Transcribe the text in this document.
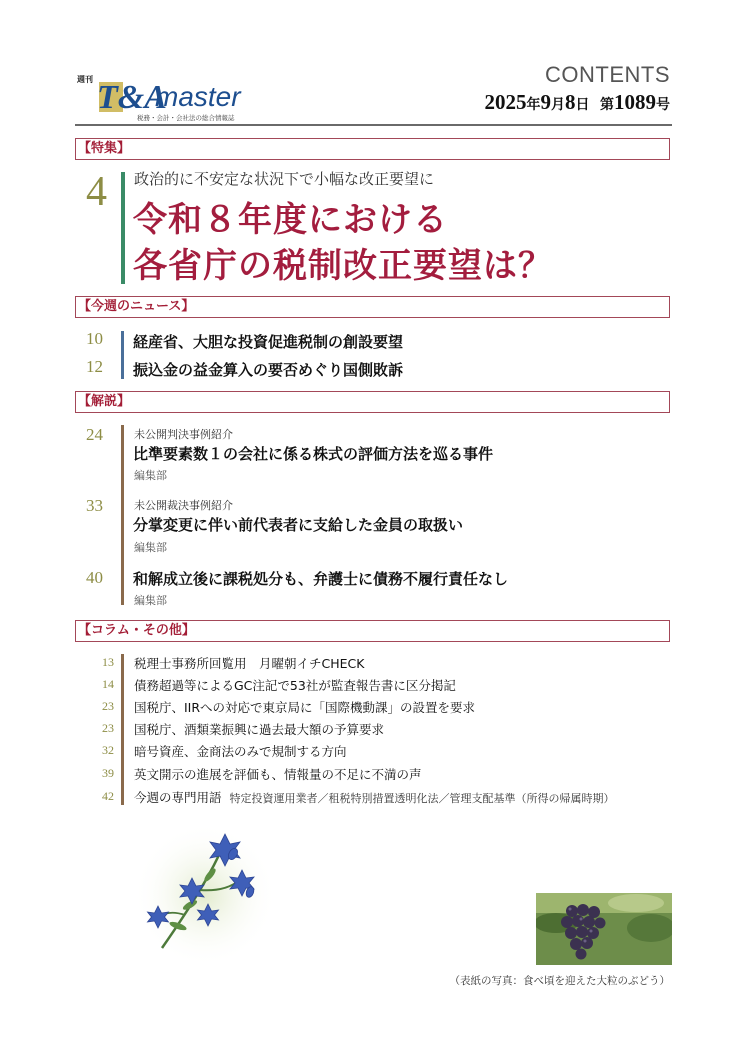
週刊 T&A
master
税務・会計・会社法の総合情報誌
CONTENTS
2025年9月8日 第1089号
【特集】
4 政治的に不安定な状況下で小幅な改正要望に
令和８年度における
各省庁の税制改正要望は？
【今週のニュース】
10	経産省、大胆な投資促進税制の創設要望
12	振込金の益金算入の要否めぐり国側敗訴
【解説】
24	未公開判決事例紹介
比準要素数１の会社に係る株式の評価方法を巡る事件
編集部
33	未公開裁決事例紹介
分掌変更に伴い前代表者に支給した金員の取扱い
編集部
40 和解成立後に課税処分も、弁護士に債務不履行責任なし
編集部
【コラム・その他】
13 税理士事務所回覧用　月曜朝イチCHECK
14 債務超過等によるGC注記で53社が監査報告書に区分掲記
23 国税庁、IIRへの対応で東京局に「国際機動課」の設置を要求
23 国税庁、酒類業振興に過去最大額の予算要求
32 暗号資産、金商法のみで規制する方向
39 英文開示の進展を評価も、情報量の不足に不満の声
42 今週の専門用語 特定投資運用業者／租税特別措置透明化法／管理支配基準（所得の帰属時期）
（表紙の写真：食べ頃を迎えた大粒のぶどう）
